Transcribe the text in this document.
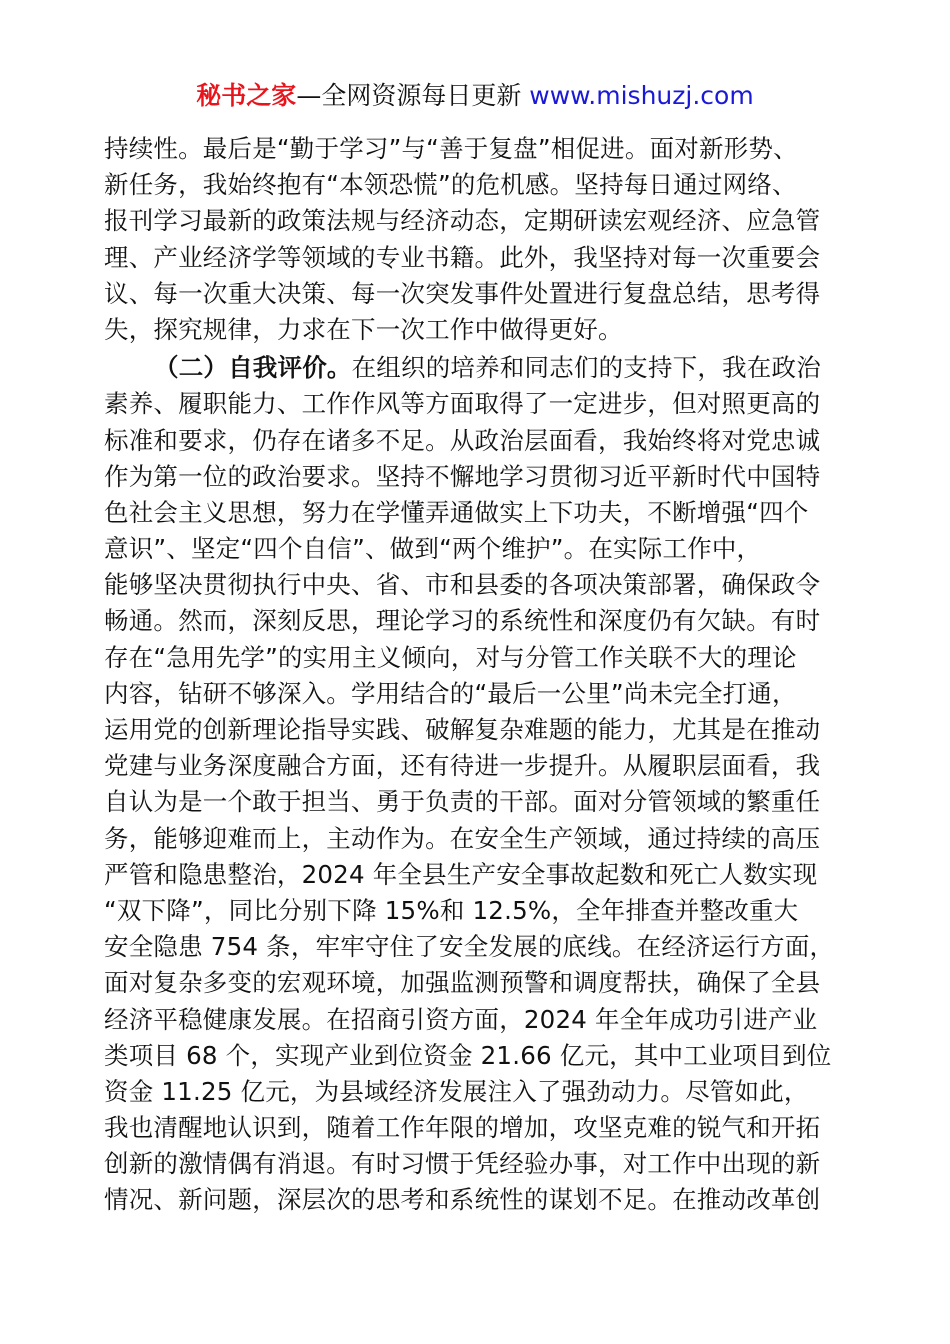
秘书之家—全网资源每日更新 www.mishuzj.com
持续性。最后是“勤于学习”与“善于复盘”相促进。面对新形势、
新任务，我始终抱有“本领恐慌”的危机感。坚持每日通过网络、
报刊学习最新的政策法规与经济动态，定期研读宏观经济、应急管
理、产业经济学等领域的专业书籍。此外，我坚持对每一次重要会
议、每一次重大决策、每一次突发事件处置进行复盘总结，思考得
失，探究规律，力求在下一次工作中做得更好。
（二）自我评价。在组织的培养和同志们的支持下，我在政治
素养、履职能力、工作作风等方面取得了一定进步，但对照更高的
标准和要求，仍存在诸多不足。从政治层面看，我始终将对党忠诚
作为第一位的政治要求。坚持不懈地学习贯彻习近平新时代中国特
色社会主义思想，努力在学懂弄通做实上下功夫，不断增强“四个
意识”、坚定“四个自信”、做到“两个维护”。在实际工作中，
能够坚决贯彻执行中央、省、市和县委的各项决策部署，确保政令
畅通。然而，深刻反思，理论学习的系统性和深度仍有欠缺。有时
存在“急用先学”的实用主义倾向，对与分管工作关联不大的理论
内容，钻研不够深入。学用结合的“最后一公里”尚未完全打通，
运用党的创新理论指导实践、破解复杂难题的能力，尤其是在推动
党建与业务深度融合方面，还有待进一步提升。从履职层面看，我
自认为是一个敢于担当、勇于负责的干部。面对分管领域的繁重任
务，能够迎难而上，主动作为。在安全生产领域，通过持续的高压
严管和隐患整治，2024 年全县生产安全事故起数和死亡人数实现
“双下降”，同比分别下降 15%和 12.5%，全年排查并整改重大
安全隐患 754 条，牢牢守住了安全发展的底线。在经济运行方面，
面对复杂多变的宏观环境，加强监测预警和调度帮扶，确保了全县
经济平稳健康发展。在招商引资方面，2024 年全年成功引进产业
类项目 68 个，实现产业到位资金 21.66 亿元，其中工业项目到位
资金 11.25 亿元，为县域经济发展注入了强劲动力。尽管如此，
我也清醒地认识到，随着工作年限的增加，攻坚克难的锐气和开拓
创新的激情偶有消退。有时习惯于凭经验办事，对工作中出现的新
情况、新问题，深层次的思考和系统性的谋划不足。在推动改革创
